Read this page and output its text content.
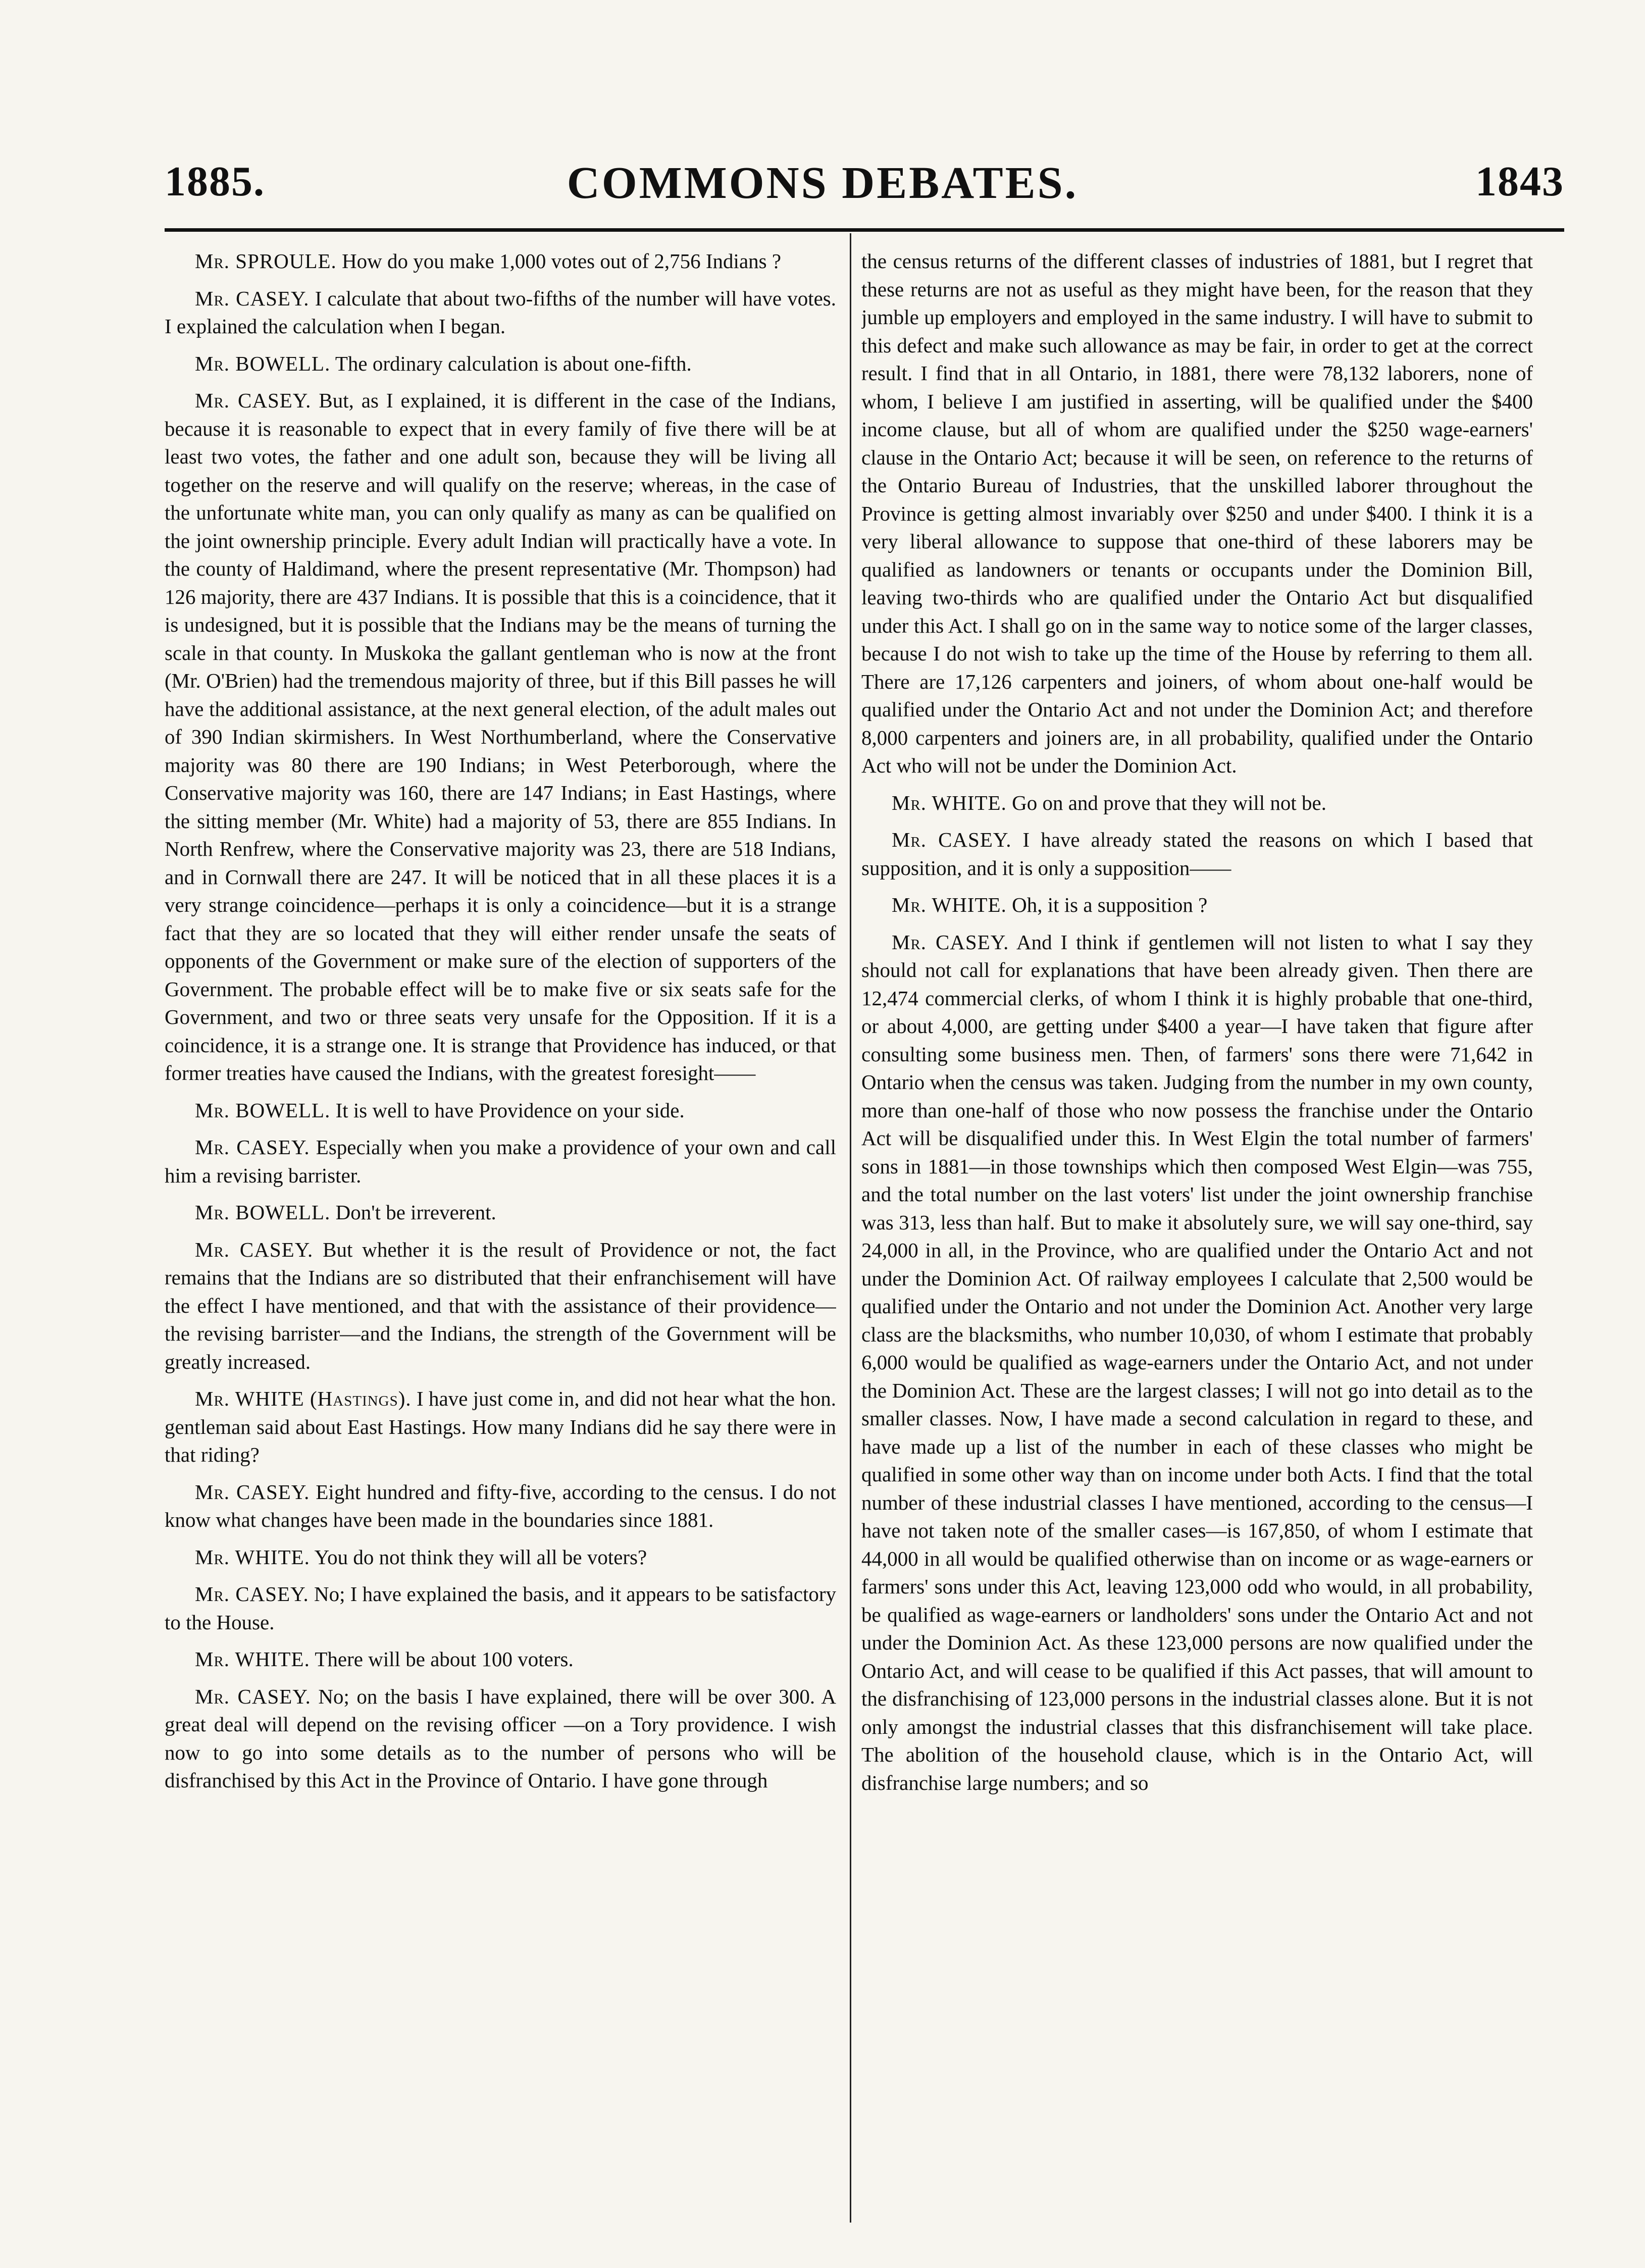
1885.	COMMONS DEBATES.	1843

Mr. SPROULE. How do you make 1,000 votes out of 2,756 Indians ?

Mr. CASEY. I calculate that about two-fifths of the number will have votes. I explained the calculation when I began.

Mr. BOWELL. The ordinary calculation is about one-fifth.

Mr. CASEY. But, as I explained, it is different in the case of the Indians, because it is reasonable to expect that in every family of five there will be at least two votes, the father and one adult son, because they will be living all together on the reserve and will qualify on the reserve; whereas, in the case of the unfortunate white man, you can only qualify as many as can be qualified on the joint ownership principle. Every adult Indian will practically have a vote. In the county of Haldimand, where the present representative (Mr. Thompson) had 126 majority, there are 437 Indians. It is possible that this is a coincidence, that it is undesigned, but it is possible that the Indians may be the means of turning the scale in that county. In Muskoka the gallant gentleman who is now at the front (Mr. O'Brien) had the tremendous majority of three, but if this Bill passes he will have the additional assistance, at the next general election, of the adult males out of 390 Indian skirmishers. In West Northumberland, where the Conservative majority was 80 there are 190 Indians; in West Peterborough, where the Conservative majority was 160, there are 147 Indians; in East Hastings, where the sitting member (Mr. White) had a majority of 53, there are 855 Indians. In North Renfrew, where the Conservative majority was 23, there are 518 Indians, and in Cornwall there are 247. It will be noticed that in all these places it is a very strange coincidence—perhaps it is only a coincidence—but it is a strange fact that they are so located that they will either render unsafe the seats of opponents of the Government or make sure of the election of supporters of the Government. The probable effect will be to make five or six seats safe for the Government, and two or three seats very unsafe for the Opposition. If it is a coincidence, it is a strange one. It is strange that Providence has induced, or that former treaties have caused the Indians, with the greatest foresight——

Mr. BOWELL. It is well to have Providence on your side.

Mr. CASEY. Especially when you make a providence of your own and call him a revising barrister.

Mr. BOWELL. Don't be irreverent.

Mr. CASEY. But whether it is the result of Providence or not, the fact remains that the Indians are so distributed that their enfranchisement will have the effect I have mentioned, and that with the assistance of their providence—the revising barrister—and the Indians, the strength of the Government will be greatly increased.

Mr. WHITE (Hastings). I have just come in, and did not hear what the hon. gentleman said about East Hastings. How many Indians did he say there were in that riding?

Mr. CASEY. Eight hundred and fifty-five, according to the census. I do not know what changes have been made in the boundaries since 1881.

Mr. WHITE. You do not think they will all be voters?

Mr. CASEY. No; I have explained the basis, and it appears to be satisfactory to the House.

Mr. WHITE. There will be about 100 voters.

Mr. CASEY. No; on the basis I have explained, there will be over 300. A great deal will depend on the revising officer —on a Tory providence. I wish now to go into some details as to the number of persons who will be disfranchised by this Act in the Province of Ontario. I have gone through

the census returns of the different classes of industries of 1881, but I regret that these returns are not as useful as they might have been, for the reason that they jumble up employers and employed in the same industry. I will have to submit to this defect and make such allowance as may be fair, in order to get at the correct result. I find that in all Ontario, in 1881, there were 78,132 laborers, none of whom, I believe I am justified in asserting, will be qualified under the $400 income clause, but all of whom are qualified under the $250 wage-earners' clause in the Ontario Act; because it will be seen, on reference to the returns of the Ontario Bureau of Industries, that the unskilled laborer throughout the Province is getting almost invariably over $250 and under $400. I think it is a very liberal allowance to suppose that one-third of these laborers may be qualified as landowners or tenants or occupants under the Dominion Bill, leaving two-thirds who are qualified under the Ontario Act but disqualified under this Act. I shall go on in the same way to notice some of the larger classes, because I do not wish to take up the time of the House by referring to them all. There are 17,126 carpenters and joiners, of whom about one-half would be qualified under the Ontario Act and not under the Dominion Act; and therefore 8,000 carpenters and joiners are, in all probability, qualified under the Ontario Act who will not be under the Dominion Act.

Mr. WHITE. Go on and prove that they will not be.

Mr. CASEY. I have already stated the reasons on which I based that supposition, and it is only a supposition——

Mr. WHITE. Oh, it is a supposition ?

Mr. CASEY. And I think if gentlemen will not listen to what I say they should not call for explanations that have been already given. Then there are 12,474 commercial clerks, of whom I think it is highly probable that one-third, or about 4,000, are getting under $400 a year—I have taken that figure after consulting some business men. Then, of farmers' sons there were 71,642 in Ontario when the census was taken. Judging from the number in my own county, more than one-half of those who now possess the franchise under the Ontario Act will be disqualified under this. In West Elgin the total number of farmers' sons in 1881—in those townships which then composed West Elgin—was 755, and the total number on the last voters' list under the joint ownership franchise was 313, less than half. But to make it absolutely sure, we will say one-third, say 24,000 in all, in the Province, who are qualified under the Ontario Act and not under the Dominion Act. Of railway employees I calculate that 2,500 would be qualified under the Ontario and not under the Dominion Act. Another very large class are the blacksmiths, who number 10,030, of whom I estimate that probably 6,000 would be qualified as wage-earners under the Ontario Act, and not under the Dominion Act. These are the largest classes; I will not go into detail as to the smaller classes. Now, I have made a second calculation in regard to these, and have made up a list of the number in each of these classes who might be qualified in some other way than on income under both Acts. I find that the total number of these industrial classes I have mentioned, according to the census—I have not taken note of the smaller cases—is 167,850, of whom I estimate that 44,000 in all would be qualified otherwise than on income or as wage-earners or farmers' sons under this Act, leaving 123,000 odd who would, in all probability, be qualified as wage-earners or landholders' sons under the Ontario Act and not under the Dominion Act. As these 123,000 persons are now qualified under the Ontario Act, and will cease to be qualified if this Act passes, that will amount to the disfranchising of 123,000 persons in the industrial classes alone. But it is not only amongst the industrial classes that this disfranchisement will take place. The abolition of the household clause, which is in the Ontario Act, will disfranchise large numbers; and so
